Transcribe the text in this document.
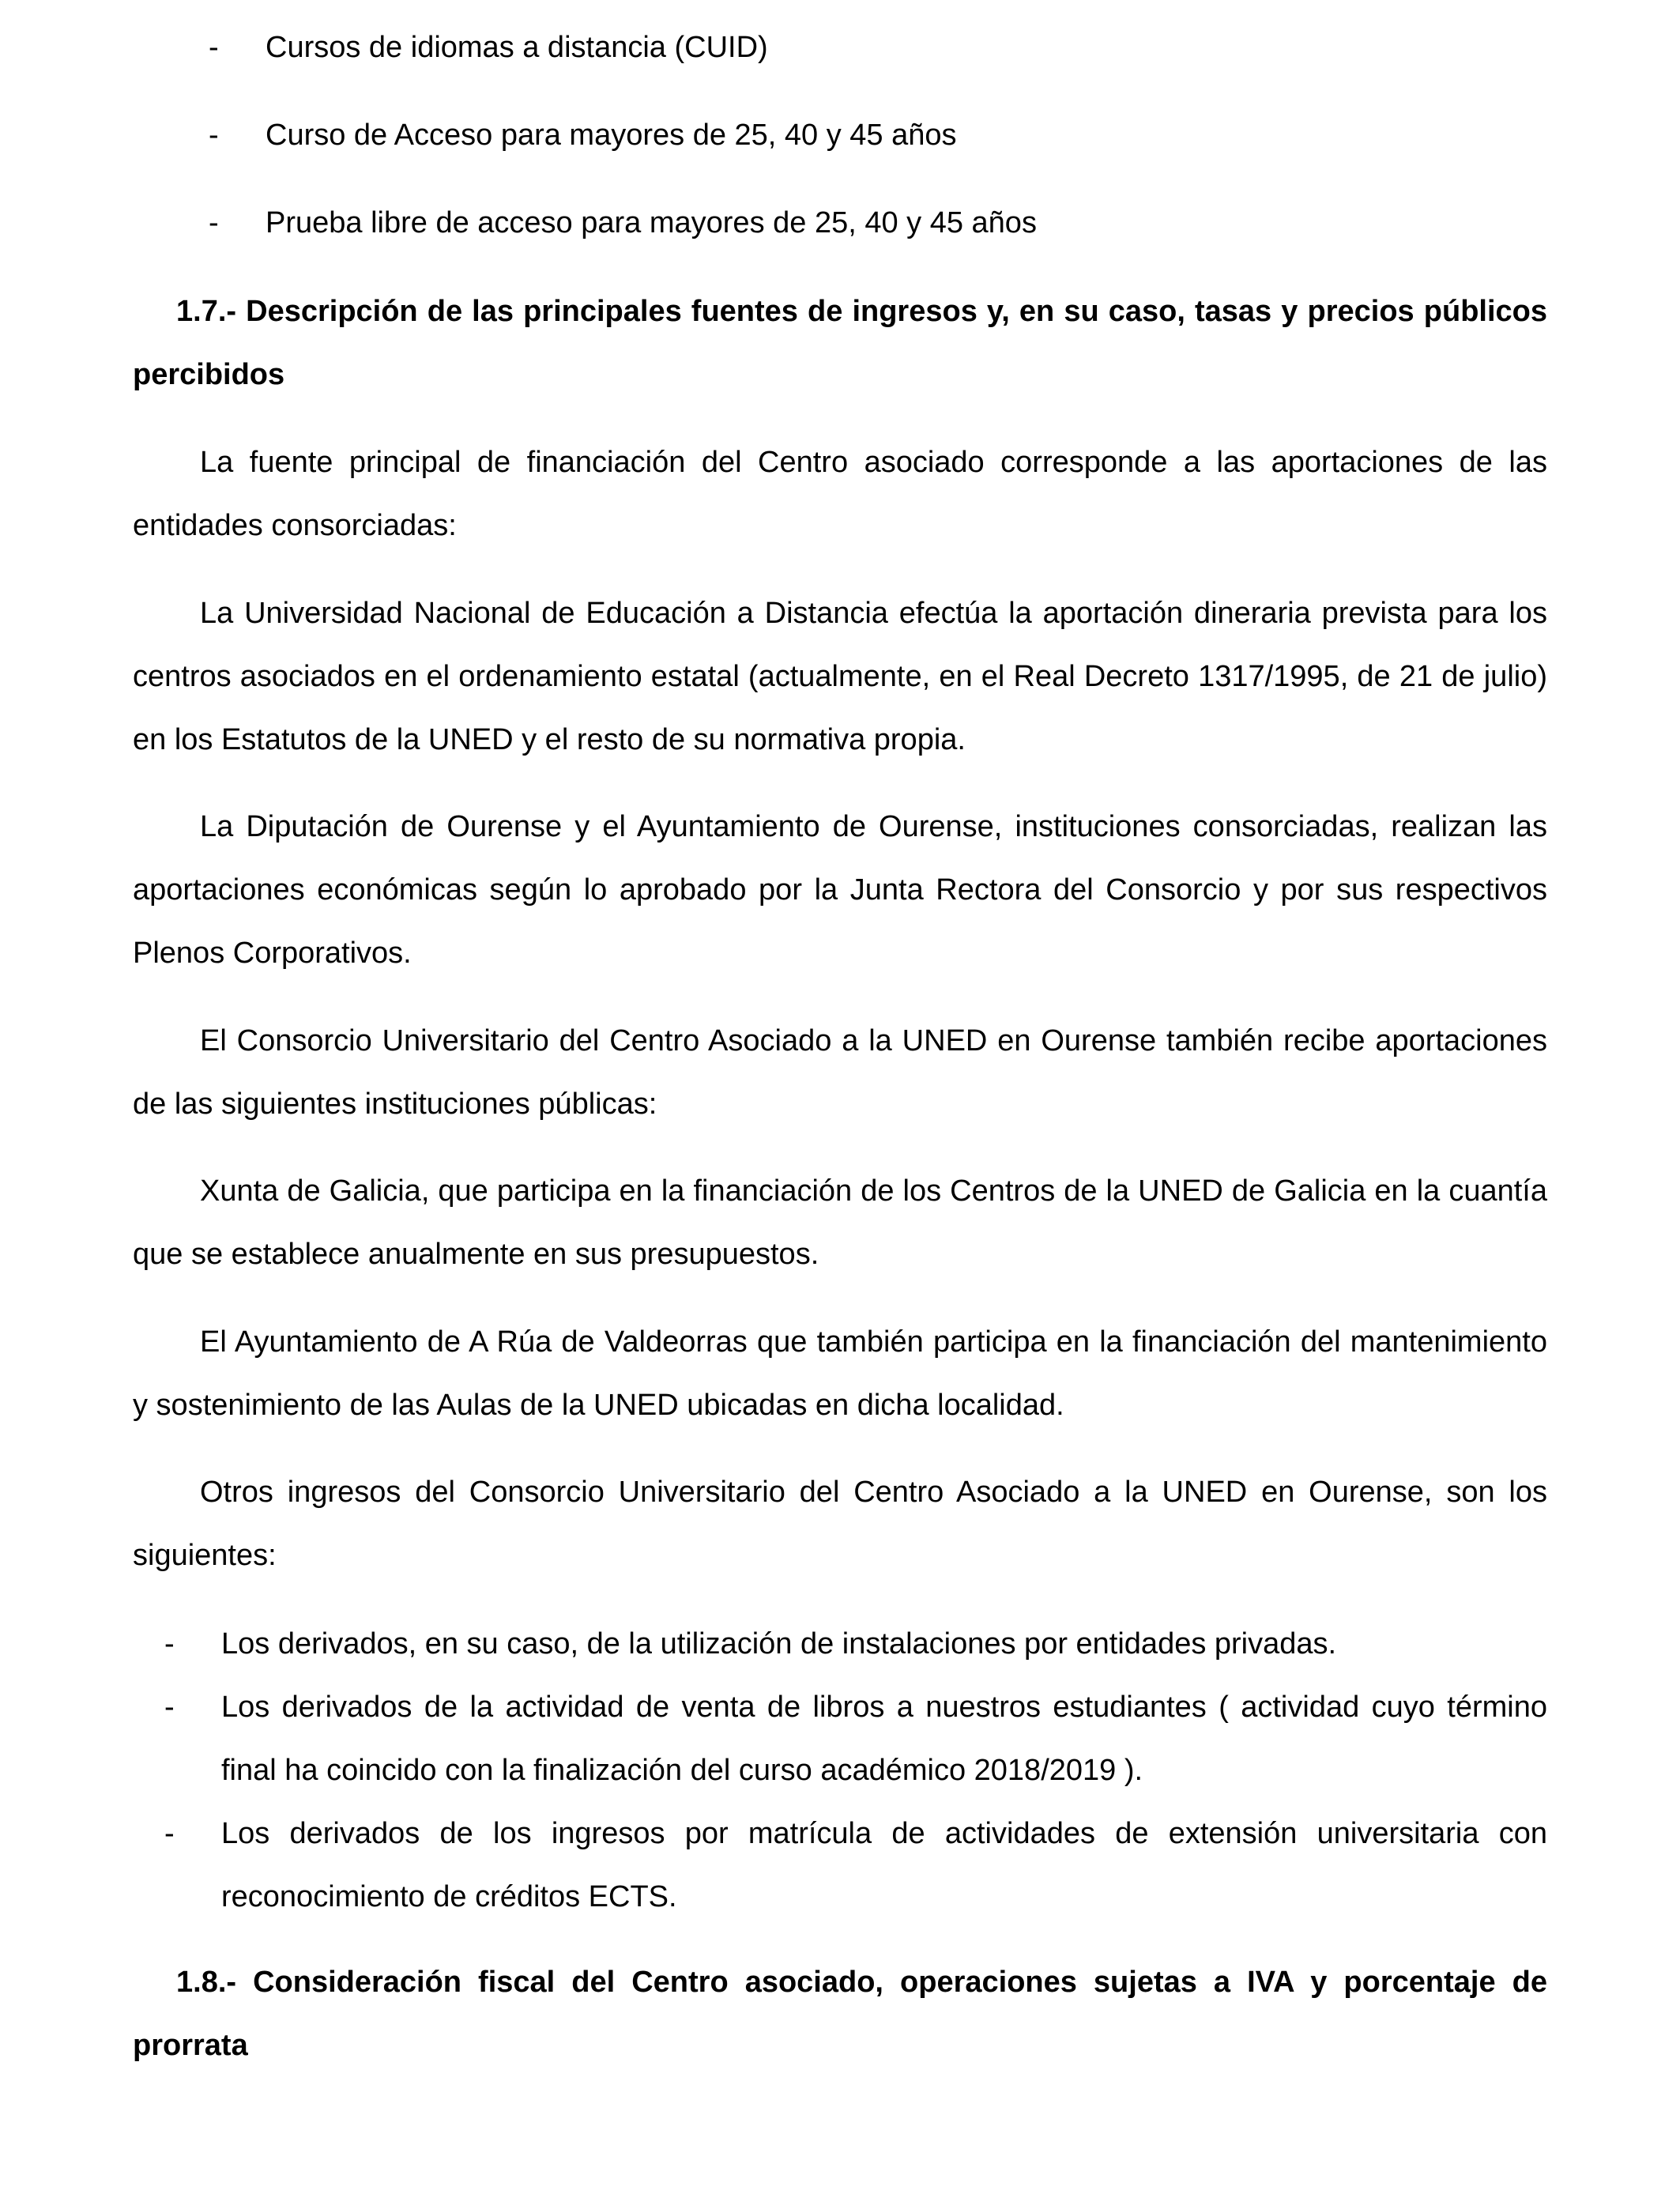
- Cursos de idiomas a distancia (CUID)
- Curso de Acceso para mayores de 25, 40 y 45 años
- Prueba libre de acceso para mayores de 25, 40 y 45 años
1.7.- Descripción de las principales fuentes de ingresos y, en su caso, tasas y precios públicos
percibidos
La fuente principal de financiación del Centro asociado corresponde a las aportaciones de las entidades consorciadas:
La Universidad Nacional de Educación a Distancia efectúa la aportación dineraria prevista para los centros asociados en el ordenamiento estatal (actualmente, en el Real Decreto 1317/1995, de 21 de julio) en los Estatutos de la UNED y el resto de su normativa propia.
La Diputación de Ourense y el Ayuntamiento de Ourense, instituciones consorciadas, realizan las aportaciones económicas según lo aprobado por la Junta Rectora del Consorcio y por sus respectivos Plenos Corporativos.
El Consorcio Universitario del Centro Asociado a la UNED en Ourense también recibe aportaciones de las siguientes instituciones públicas:
Xunta de Galicia, que participa en la financiación de los Centros de la UNED de Galicia en la cuantía que se establece anualmente en sus presupuestos.
El Ayuntamiento de A Rúa de Valdeorras que también participa en la financiación del mantenimiento y sostenimiento de las Aulas de la UNED ubicadas en dicha localidad.
Otros ingresos del Consorcio Universitario del Centro Asociado a la UNED en Ourense, son los siguientes:
- Los derivados, en su caso, de la utilización de instalaciones por entidades privadas.
- Los derivados de la actividad de venta de libros a nuestros estudiantes ( actividad cuyo término final ha coincido con la finalización del curso académico 2018/2019 ).
- Los derivados de los ingresos por matrícula de actividades de extensión universitaria con reconocimiento de créditos ECTS.
1.8.- Consideración fiscal del Centro asociado, operaciones sujetas a IVA y porcentaje de
prorrata
